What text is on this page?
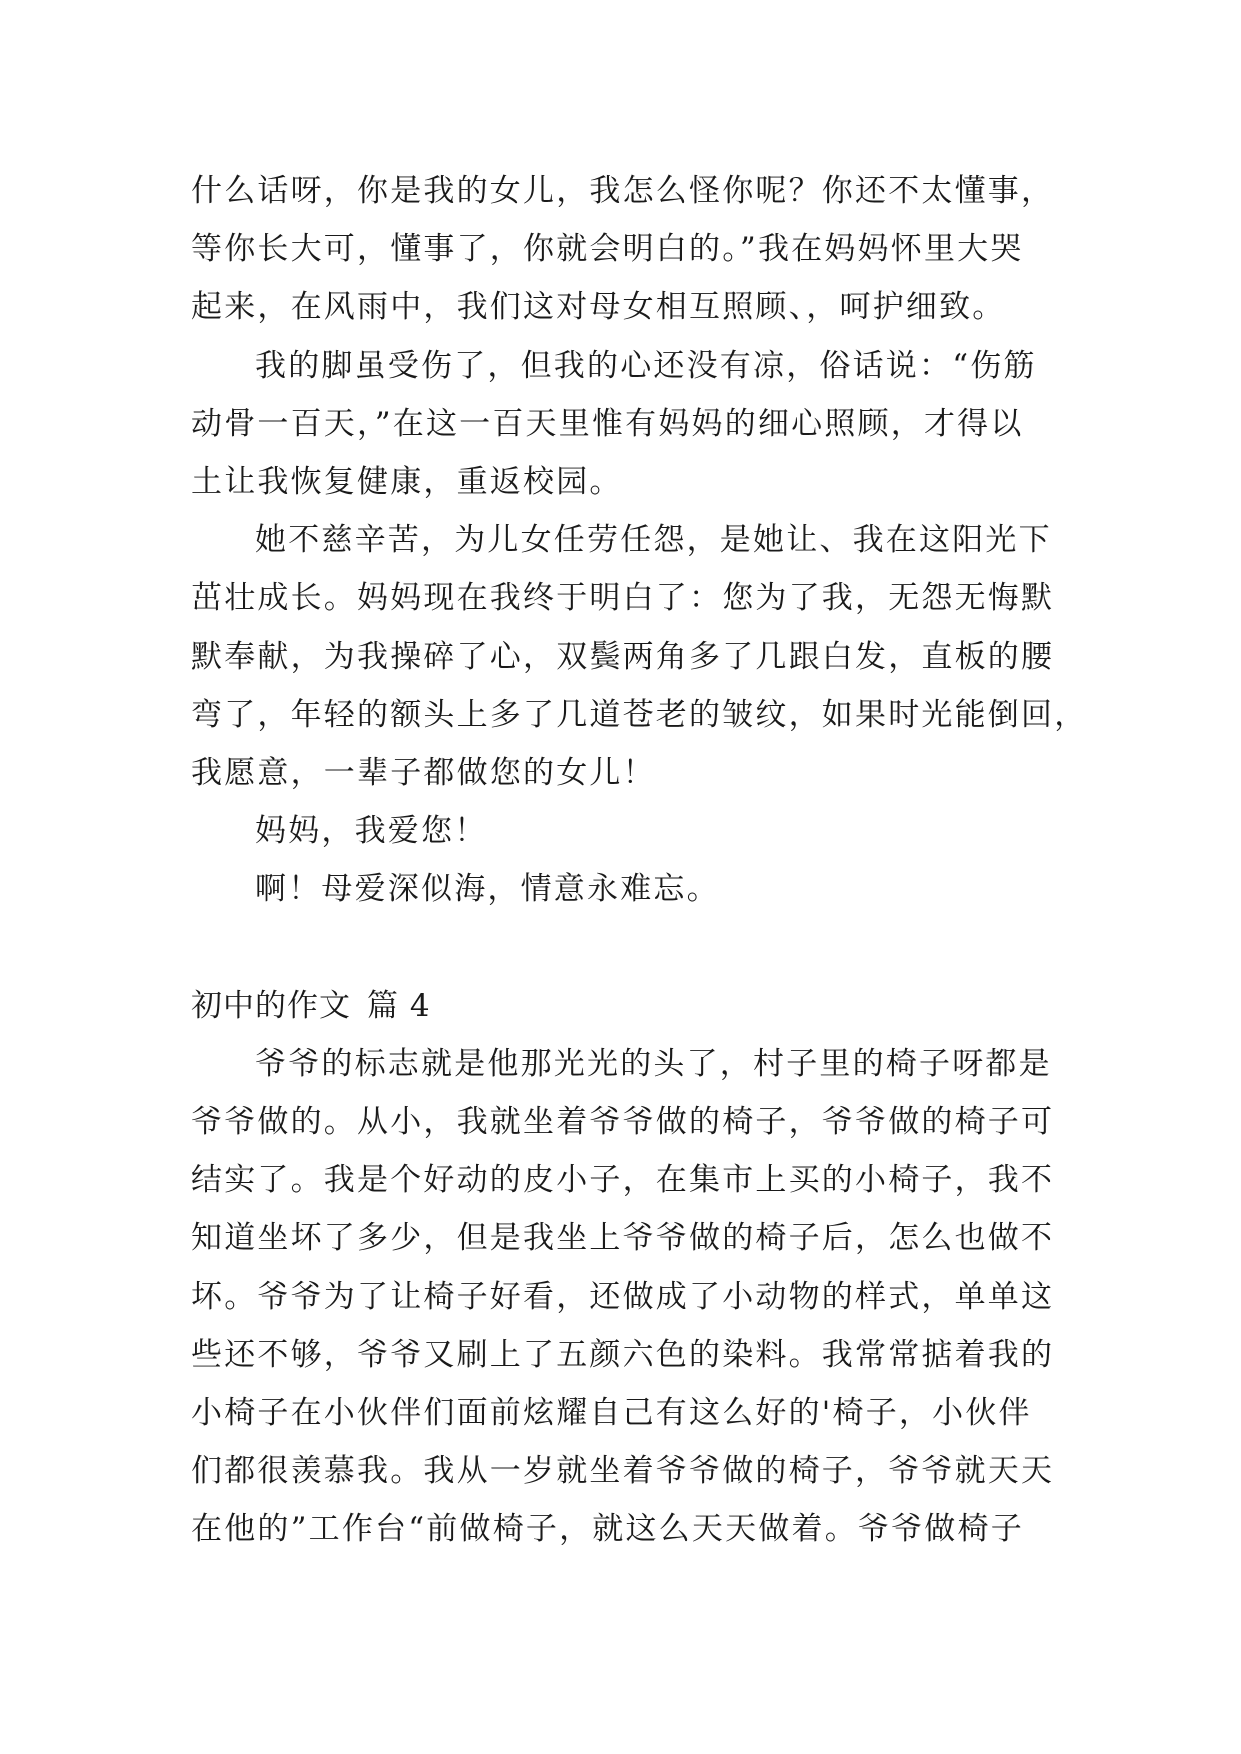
什么话呀，你是我的女儿，我怎么怪你呢？你还不太懂事，
等你长大可，懂事了，你就会明白的。”我在妈妈怀里大哭
起来，在风雨中，我们这对母女相互照顾、，呵护细致。
我的脚虽受伤了，但我的心还没有凉，俗话说：“伤筋
动骨一百天，”在这一百天里惟有妈妈的细心照顾，才得以
土让我恢复健康，重返校园。
她不慈辛苦，为儿女任劳任怨，是她让、我在这阳光下
茁壮成长。妈妈现在我终于明白了：您为了我，无怨无悔默
默奉献，为我操碎了心，双鬓两角多了几跟白发，直板的腰
弯了，年轻的额头上多了几道苍老的皱纹，如果时光能倒回，
我愿意，一辈子都做您的女儿！
妈妈，我爱您！
啊！母爱深似海，情意永难忘。
初中的作文 篇 4
爷爷的标志就是他那光光的头了，村子里的椅子呀都是
爷爷做的。从小，我就坐着爷爷做的椅子，爷爷做的椅子可
结实了。我是个好动的皮小子，在集市上买的小椅子，我不
知道坐坏了多少，但是我坐上爷爷做的椅子后，怎么也做不
坏。爷爷为了让椅子好看，还做成了小动物的样式，单单这
些还不够，爷爷又刷上了五颜六色的染料。我常常掂着我的
小椅子在小伙伴们面前炫耀自己有这么好的'椅子，小伙伴
们都很羡慕我。我从一岁就坐着爷爷做的椅子，爷爷就天天
在他的”工作台“前做椅子，就这么天天做着。爷爷做椅子
